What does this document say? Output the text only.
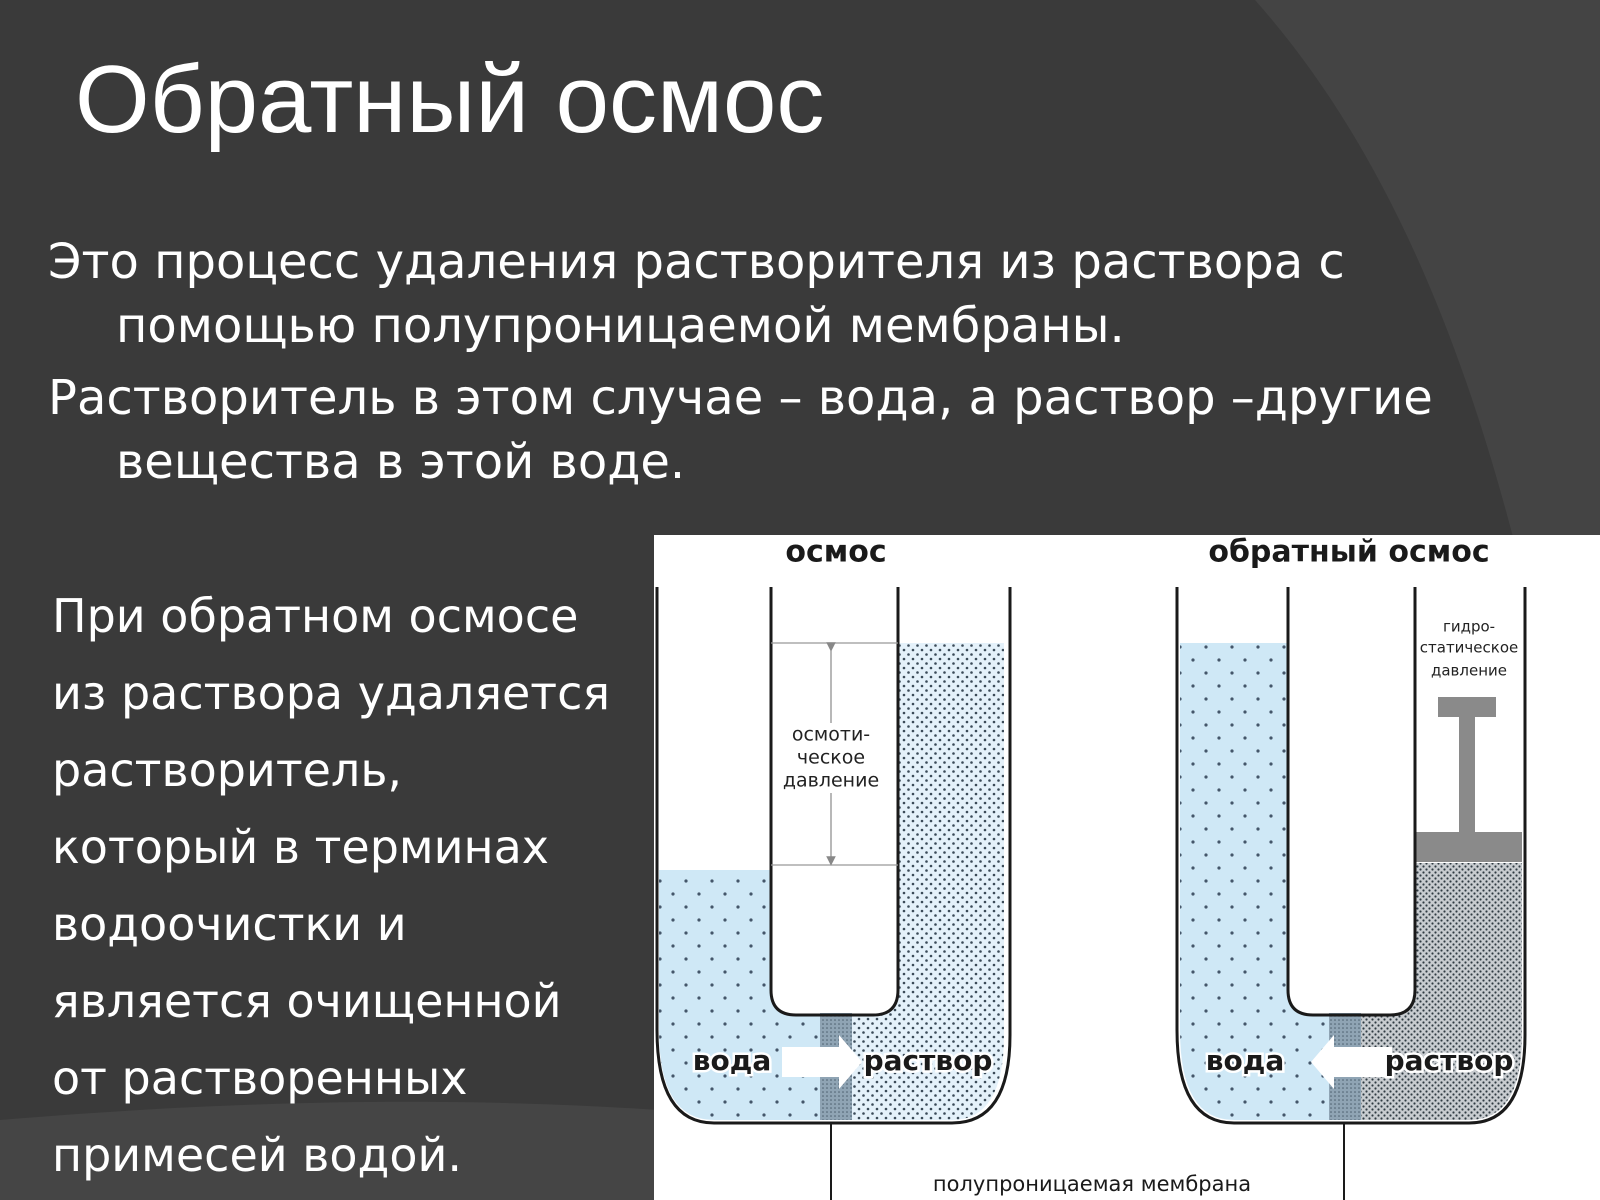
Обратный осмос

Это процесс удаления растворителя из раствора с помощью полупроницаемой мембраны.

Растворитель в этом случае – вода, а раствор –другие вещества в этой воде.

При обратном осмосе из раствора удаляется растворитель, который в терминах водоочистки и является очищенной от растворенных примесей водой.

осмос	обратный осмос
осмоти-
ческое
давление
гидро-
статическое
давление
вода	раствор	вода	раствор
полупроницаемая мембрана
